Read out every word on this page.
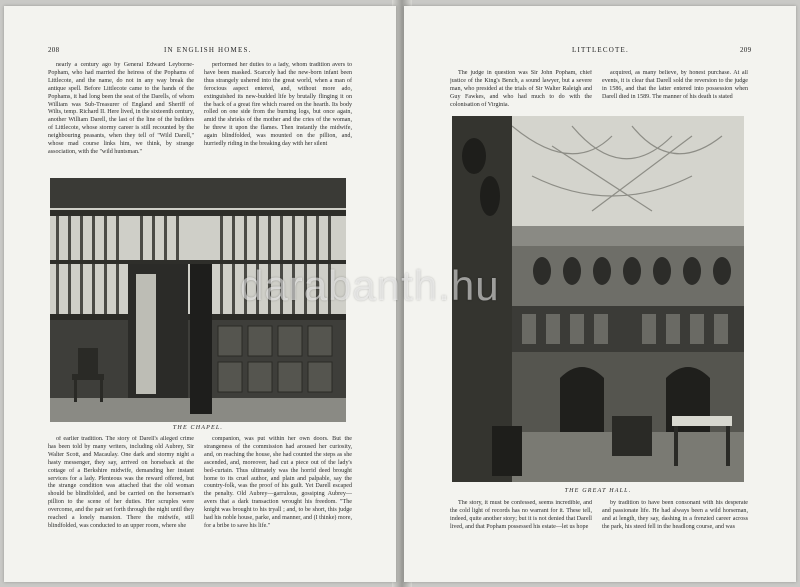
208	IN ENGLISH HOMES.

nearly a century ago by General Edward Leyborne-Popham, who had married the heiress of the Pophams of Littlecote, and the name, do not in any way break the antique spell. Before Littlecote came to the hands of the Pophams, it had long been the seat of the Darells, of whom William was Sub-Treasurer of England and Sheriff of Wilts, temp. Richard II. Here lived, in the sixteenth century, another William Darell, the last of the line of the builders of Littlecote, whose stormy career is still recounted by the neighbouring peasants, when they tell of "Wild Darell," whose mad course links him, we think, by strange association, with the "wild huntsman."

performed her duties to a lady, whom tradition avers to have been masked. Scarcely had the new-born infant been thus strangely ushered into the great world, when a man of ferocious aspect entered, and, without more ado, extinguished its new-budded life by brutally flinging it on the back of a great fire which roared on the hearth. Its body rolled on one side from the burning logs, but once again, amid the shrieks of the mother and the cries of the woman, he threw it upon the flames. Then instantly the midwife, again blindfolded, was mounted on the pillion, and, hurriedly riding in the breaking day with her silent

THE CHAPEL.

of earlier tradition. The story of Darell's alleged crime has been told by many writers, including old Aubrey, Sir Walter Scott, and Macaulay. One dark and stormy night a hasty messenger, they say, arrived on horseback at the cottage of a Berkshire midwife, demanding her instant services for a lady. Plenteous was the reward offered, but the strange condition was attached that the old woman should be blindfolded, and be carried on the horseman's pillion to the scene of her duties. Her scruples were overcome, and the pair set forth through the night until they reached a lonely mansion. There the midwife, still blindfolded, was conducted to an upper room, where she

companion, was put within her own doors. But the strangeness of the commission had aroused her curiosity, and, on reaching the house, she had counted the steps as she ascended, and, moreover, had cut a piece out of the lady's bed-curtain. Thus ultimately was the horrid deed brought home to its cruel author, and plain and palpable, say the country-folk, was the proof of his guilt. Yet Darell escaped the penalty. Old Aubrey—garrulous, gossiping Aubrey—avers that a dark transaction wrought his freedom. "The knight was brought to his tryall ; and, to be short, this judge had his noble house, parke, and manner, and (I thinke) more, for a bribe to save his life."

LITTLECOTE.	209

The judge in question was Sir John Popham, chief justice of the King's Bench, a sound lawyer, but a severe man, who presided at the trials of Sir Walter Raleigh and Guy Fawkes, and who had much to do with the colonisation of Virginia.

acquired, as many believe, by honest purchase. At all events, it is clear that Darell sold the reversion to the judge in 1586, and that the latter entered into possession when Darell died in 1589. The manner of his death is stated

THE GREAT HALL.

The story, it must be confessed, seems incredible, and the cold light of records has no warrant for it. These tell, indeed, quite another story; but it is not denied that Darell lived, and that Popham possessed his estate—let us hope

by tradition to have been consonant with his desperate and passionate life. He had always been a wild horseman, and at length, they say, dashing in a frenzied career across the park, his steed fell in the headlong course, and was

darabanth.hu
